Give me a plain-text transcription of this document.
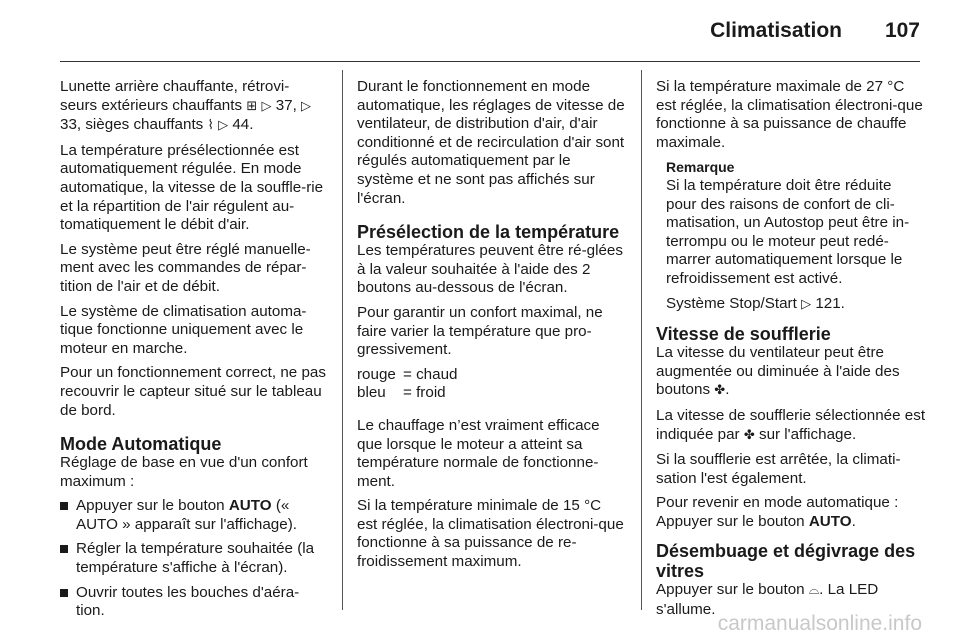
Climatisation 107

Lunette arrière chauffante, rétrovi- seurs extérieurs chauffants ⊞ ▷ 37, ▷ 33, sièges chauffants ⌇ ▷ 44.

La température présélectionnée est automatiquement régulée. En mode automatique, la vitesse de la souffle-rie et la répartition de l'air régulent au-tomatiquement le débit d'air.

Le système peut être réglé manuelle-ment avec les commandes de répar-tition de l'air et de débit.

Le système de climatisation automa-tique fonctionne uniquement avec le moteur en marche.

Pour un fonctionnement correct, ne pas recouvrir le capteur situé sur le tableau de bord.

Mode Automatique

Réglage de base en vue d'un confort maximum :

Appuyer sur le bouton AUTO (« AUTO » apparaît sur l'affichage).
Régler la température souhaitée (la température s'affiche à l'écran).
Ouvrir toutes les bouches d'aéra-tion.

Durant le fonctionnement en mode automatique, les réglages de vitesse de ventilateur, de distribution d'air, d'air conditionné et de recirculation d'air sont régulés automatiquement par le système et ne sont pas affichés sur l'écran.

Présélection de la température

Les températures peuvent être ré-glées à la valeur souhaitée à l'aide des 2 boutons au-dessous de l'écran.

Pour garantir un confort maximal, ne faire varier la température que pro-gressivement.

rouge = chaud
bleu	= froid

Le chauffage n’est vraiment efficace que lorsque le moteur a atteint sa température normale de fonctionne-ment.

Si la température minimale de 15 °C est réglée, la climatisation électroni-que fonctionne à sa puissance de re-froidissement maximum.

Si la température maximale de 27 °C est réglée, la climatisation électroni-que fonctionne à sa puissance de chauffe maximale.

Remarque

Si la température doit être réduite pour des raisons de confort de cli-matisation, un Autostop peut être in-terrompu ou le moteur peut redé-marrer automatiquement lorsque le refroidissement est activé.

Système Stop/Start ▷ 121.

Vitesse de soufflerie

La vitesse du ventilateur peut être augmentée ou diminuée à l'aide des boutons ✤.

La vitesse de soufflerie sélectionnée est indiquée par ✤ sur l'affichage.

Si la soufflerie est arrêtée, la climati-sation l'est également.

Pour revenir en mode automatique : Appuyer sur le bouton AUTO.

Désembuage et dégivrage des vitres

Appuyer sur le bouton ⌓. La LED s'allume.

carmanualsonline.info
